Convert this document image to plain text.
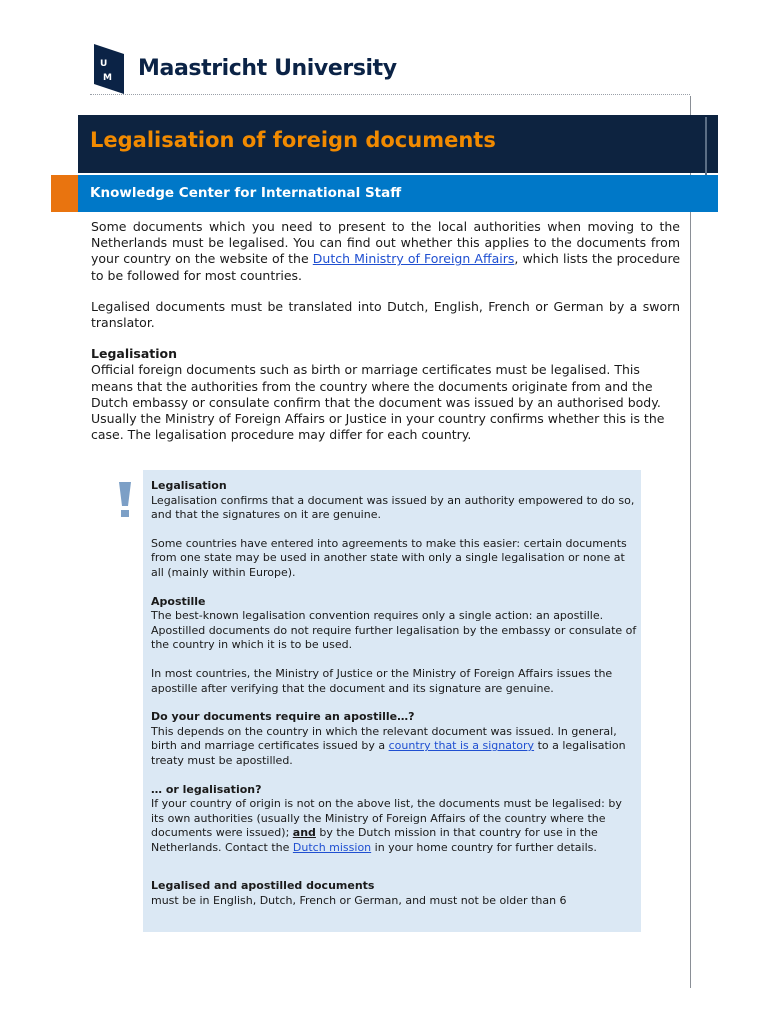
U
M Maastricht University
Legalisation of foreign documents
Knowledge Center for International Staff

Some documents which you need to present to the local authorities when moving to the Netherlands must be legalised. You can find out whether this applies to the documents from your country on the website of the Dutch Ministry of Foreign Affairs, which lists the procedure to be followed for most countries.

Legalised documents must be translated into Dutch, English, French or German by a sworn translator.

Legalisation
Official foreign documents such as birth or marriage certificates must be legalised. This means that the authorities from the country where the documents originate from and the Dutch embassy or consulate confirm that the document was issued by an authorised body. Usually the Ministry of Foreign Affairs or Justice in your country confirms whether this is the case. The legalisation procedure may differ for each country.
Legalisation

Legalisation confirms that a document was issued by an authority empowered to do so, and that the signatures on it are genuine.

Some countries have entered into agreements to make this easier: certain documents from one state may be used in another state with only a single legalisation or none at all (mainly within Europe).

Apostille

The best-known legalisation convention requires only a single action: an apostille. Apostilled documents do not require further legalisation by the embassy or consulate of the country in which it is to be used.

In most countries, the Ministry of Justice or the Ministry of Foreign Affairs issues the apostille after verifying that the document and its signature are genuine.

Do your documents require an apostille…?

This depends on the country in which the relevant document was issued. In general, birth and marriage certificates issued by a country that is a signatory to a legalisation treaty must be apostilled.

… or legalisation?

If your country of origin is not on the above list, the documents must be legalised: by its own authorities (usually the Ministry of Foreign Affairs of the country where the documents were issued); and by the Dutch mission in that country for use in the Netherlands. Contact the Dutch mission in your home country for further details.

Legalised and apostilled documents
must be in English, Dutch, French or German, and must not be older than 6
